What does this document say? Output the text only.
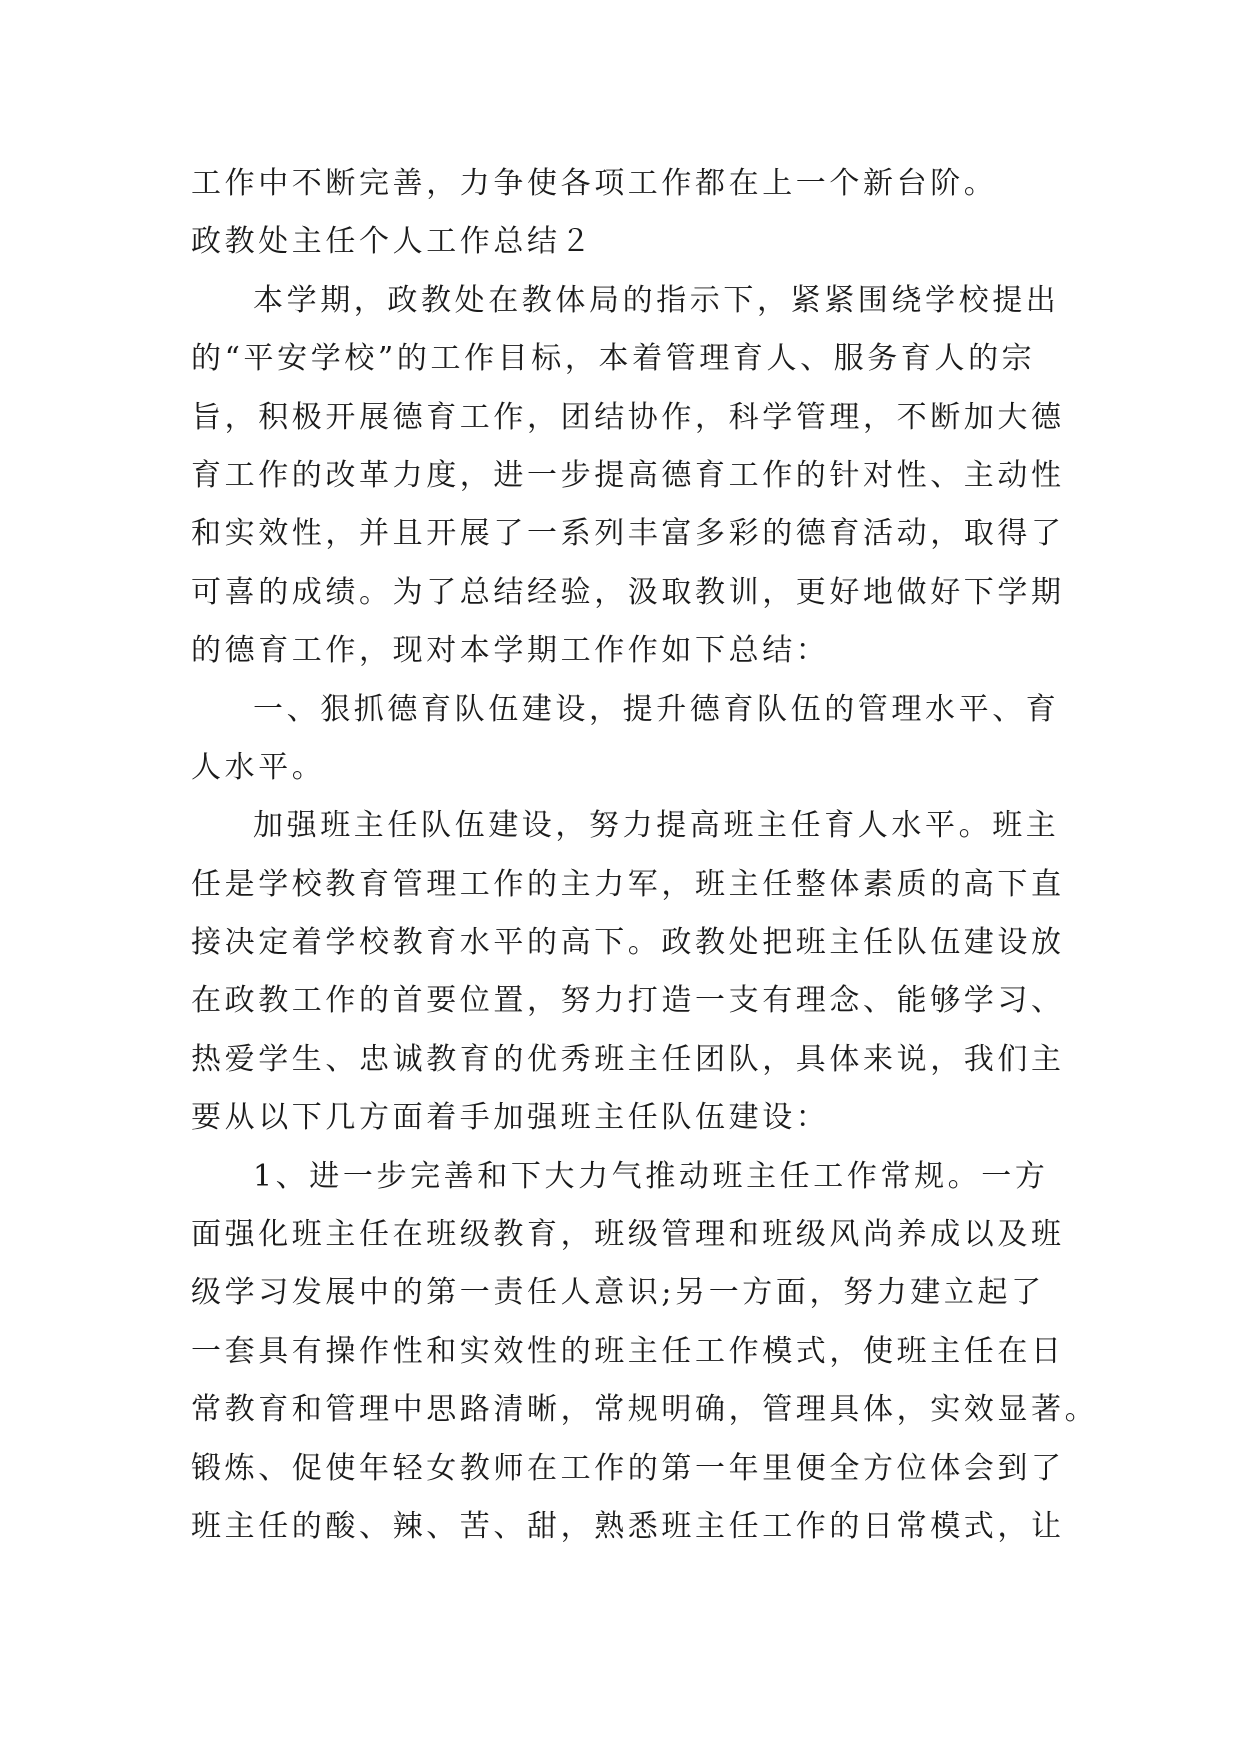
工作中不断完善，力争使各项工作都在上一个新台阶。
政教处主任个人工作总结２
本学期，政教处在教体局的指示下，紧紧围绕学校提出
的“平安学校”的工作目标，本着管理育人、服务育人的宗
旨，积极开展德育工作，团结协作，科学管理，不断加大德
育工作的改革力度，进一步提高德育工作的针对性、主动性
和实效性，并且开展了一系列丰富多彩的德育活动，取得了
可喜的成绩。为了总结经验，汲取教训，更好地做好下学期
的德育工作，现对本学期工作作如下总结：
一、狠抓德育队伍建设，提升德育队伍的管理水平、育
人水平。
加强班主任队伍建设，努力提高班主任育人水平。班主
任是学校教育管理工作的主力军，班主任整体素质的高下直
接决定着学校教育水平的高下。政教处把班主任队伍建设放
在政教工作的首要位置，努力打造一支有理念、能够学习、
热爱学生、忠诚教育的优秀班主任团队，具体来说，我们主
要从以下几方面着手加强班主任队伍建设：
1、进一步完善和下大力气推动班主任工作常规。一方
面强化班主任在班级教育，班级管理和班级风尚养成以及班
级学习发展中的第一责任人意识;另一方面，努力建立起了
一套具有操作性和实效性的班主任工作模式，使班主任在日
常教育和管理中思路清晰，常规明确，管理具体，实效显著。
锻炼、促使年轻女教师在工作的第一年里便全方位体会到了
班主任的酸、辣、苦、甜，熟悉班主任工作的日常模式，让
